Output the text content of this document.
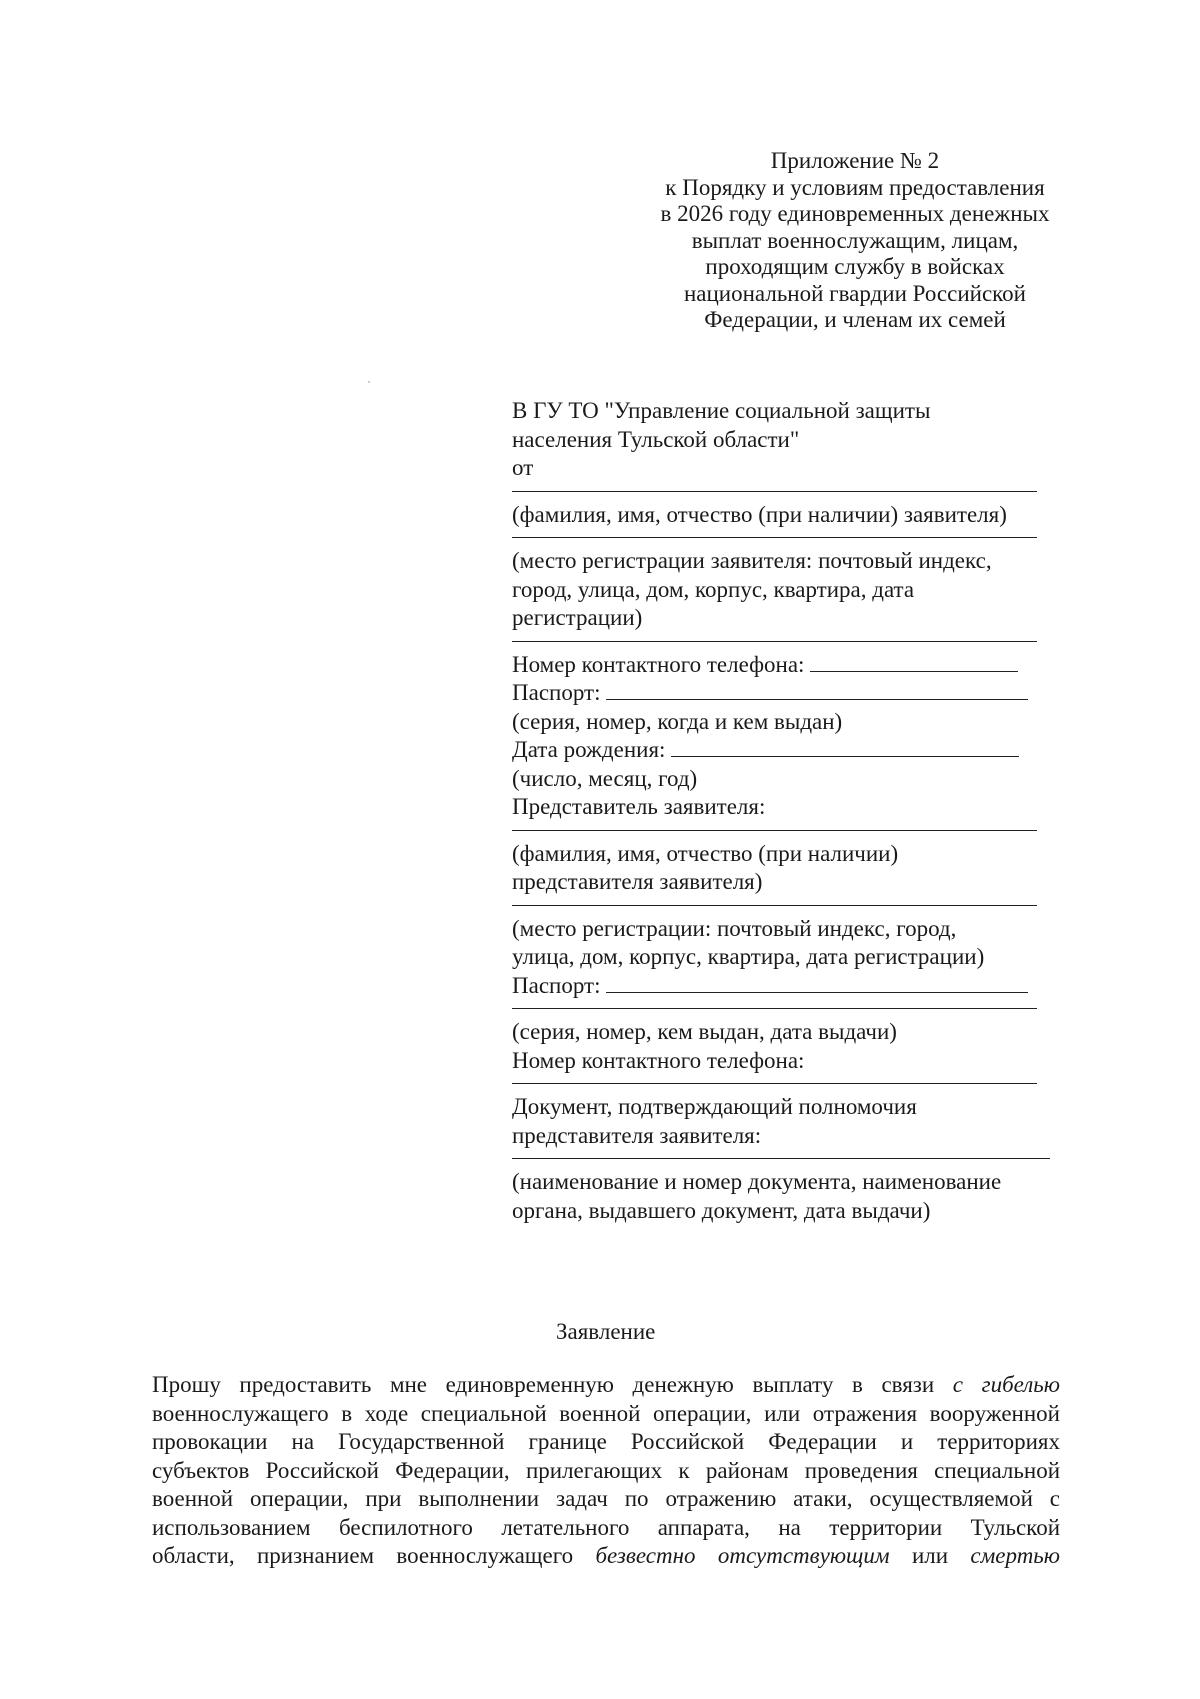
Приложение № 2
к Порядку и условиям предоставления
в 2026 году единовременных денежных
выплат военнослужащим, лицам,
проходящим службу в войсках
национальной гвардии Российской
Федерации, и членам их семей
В ГУ ТО "Управление социальной защиты
населения Тульской области"
от
(фамилия, имя, отчество (при наличии) заявителя)
(место регистрации заявителя: почтовый индекс,
город, улица, дом, корпус, квартира, дата
регистрации)
Номер контактного телефона:
Паспорт:
(серия, номер, когда и кем выдан)
Дата рождения:
(число, месяц, год)
Представитель заявителя:
(фамилия, имя, отчество (при наличии)
представителя заявителя)
(место регистрации: почтовый индекс, город,
улица, дом, корпус, квартира, дата регистрации)
Паспорт:
(серия, номер, кем выдан, дата выдачи)
Номер контактного телефона:
Документ, подтверждающий полномочия
представителя заявителя:
(наименование и номер документа, наименование
органа, выдавшего документ, дата выдачи)
Заявление
Прошу предоставить мне единовременную денежную выплату в связи с гибелью
военнослужащего в ходе специальной военной операции, или отражения вооруженной
провокации на Государственной границе Российской Федерации и территориях
субъектов Российской Федерации, прилегающих к районам проведения специальной
военной операции, при выполнении задач по отражению атаки, осуществляемой с
использованием беспилотного летательного аппарата, на территории Тульской
области, признанием военнослужащего безвестно отсутствующим или смертью
